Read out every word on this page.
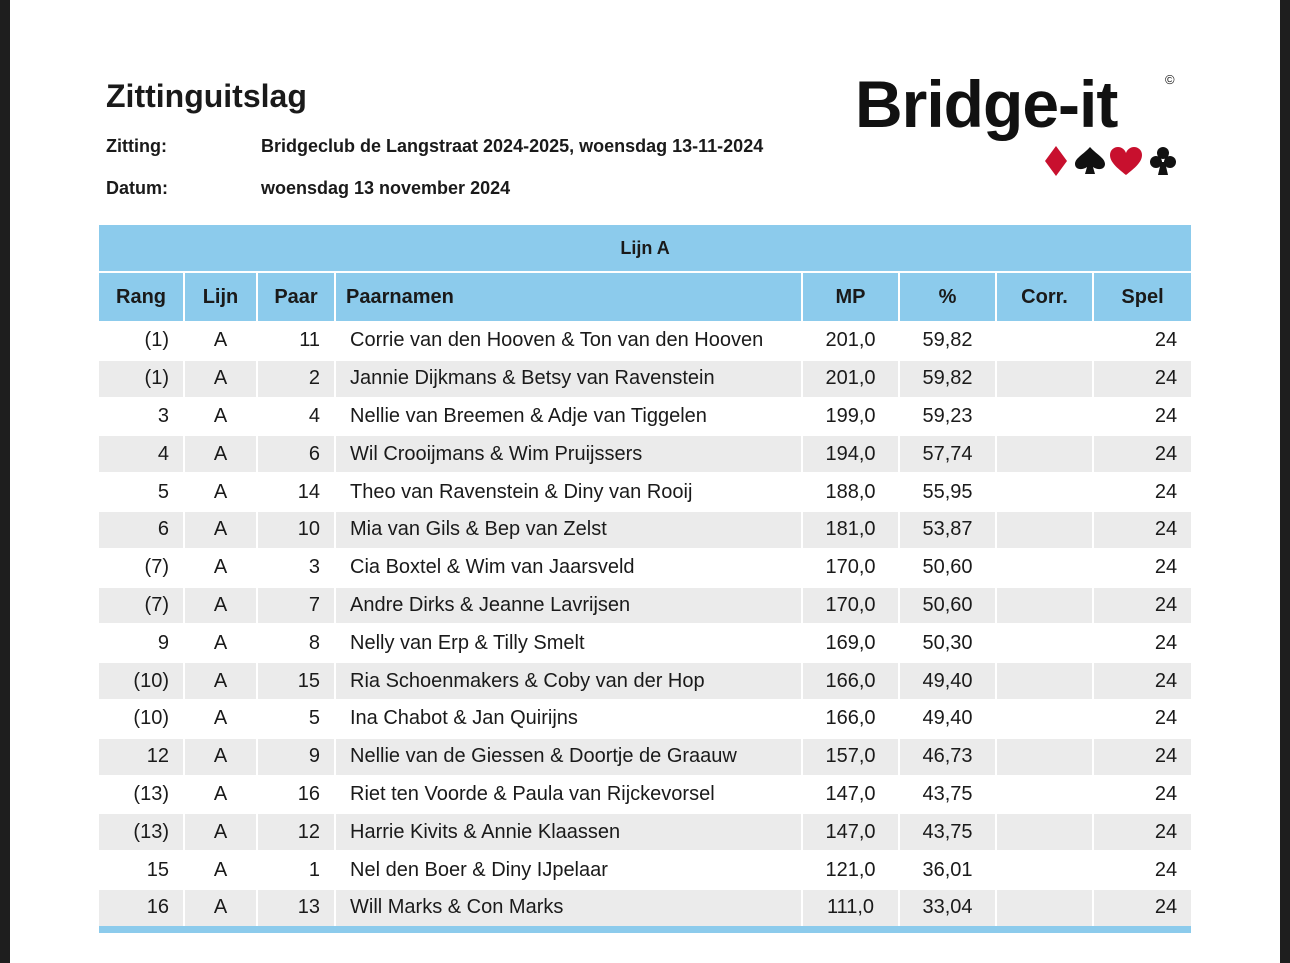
Zittinguitslag
Zitting:	Bridgeclub de Langstraat 2024-2025, woensdag 13-11-2024
Datum:	woensdag 13 november 2024
Bridge-it	©
Lijn A							
Rang	Lijn	Paar	Paarnamen	MP	%	Corr.	Spel
(1)	A	11	Corrie van den Hooven & Ton van den Hooven	201,0	59,82		24
(1)	A	2	Jannie Dijkmans & Betsy van Ravenstein	201,0	59,82		24
3	A	4	Nellie van Breemen & Adje van Tiggelen	199,0	59,23		24
4	A	6	Wil Crooijmans & Wim Pruijssers	194,0	57,74		24
5	A	14	Theo van Ravenstein & Diny van Rooij	188,0	55,95		24
6	A	10	Mia van Gils & Bep van Zelst	181,0	53,87		24
(7)	A	3	Cia Boxtel & Wim van Jaarsveld	170,0	50,60		24
(7)	A	7	Andre Dirks & Jeanne Lavrijsen	170,0	50,60		24
9	A	8	Nelly van Erp & Tilly Smelt	169,0	50,30		24
(10)	A	15	Ria Schoenmakers & Coby van der Hop	166,0	49,40		24
(10)	A	5	Ina Chabot & Jan Quirijns	166,0	49,40		24
12	A	9	Nellie van de Giessen & Doortje de Graauw	157,0	46,73		24
(13)	A	16	Riet ten Voorde & Paula van Rijckevorsel	147,0	43,75		24
(13)	A	12	Harrie Kivits & Annie Klaassen	147,0	43,75		24
15	A	1	Nel den Boer & Diny IJpelaar	121,0	36,01		24
16	A	13	Will Marks & Con Marks	111,0	33,04		24
